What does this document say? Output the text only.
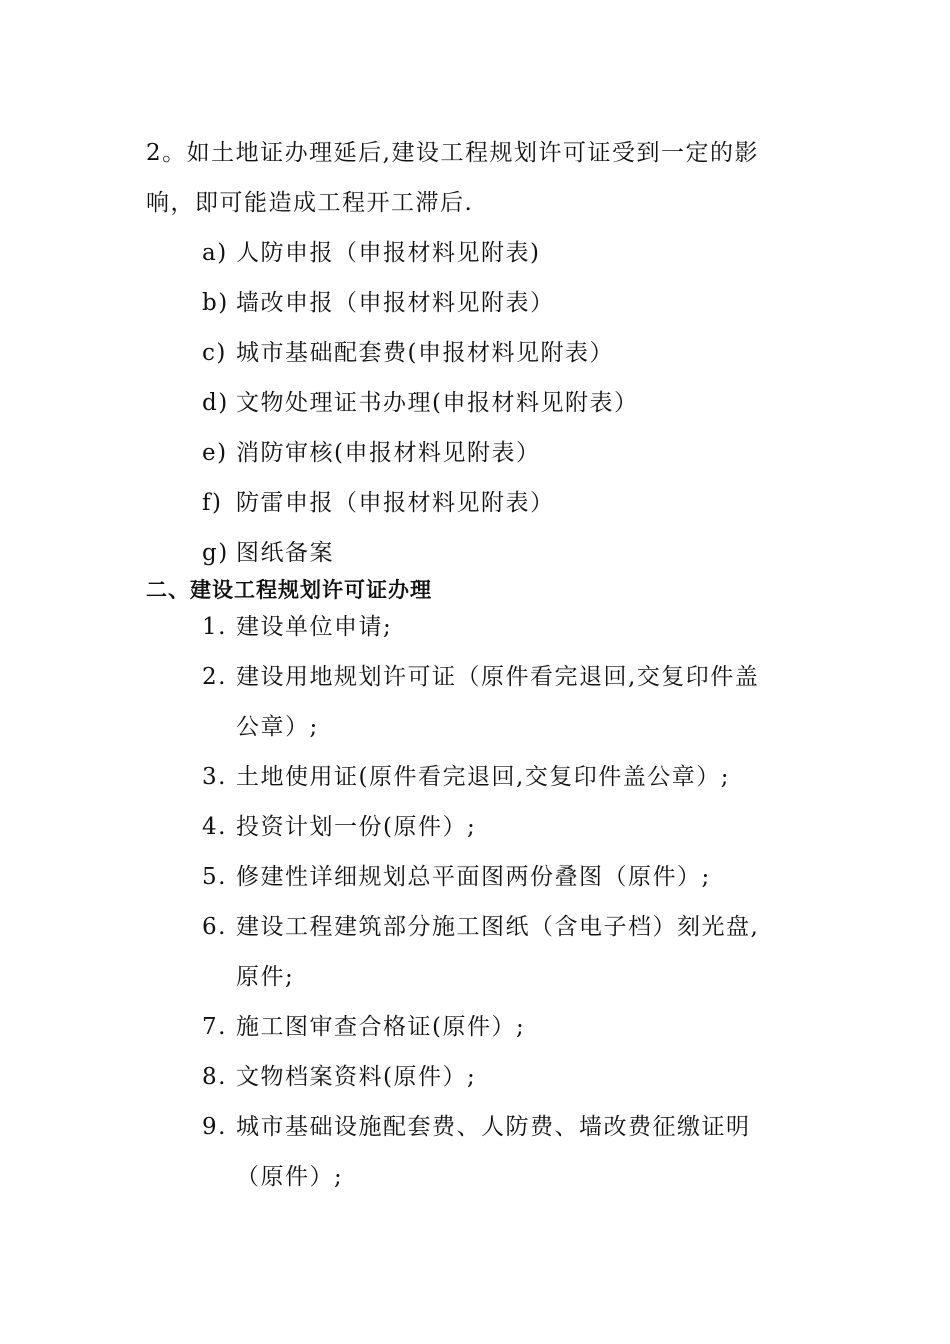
2。如土地证办理延后,建设工程规划许可证受到一定的影
响，即可能造成工程开工滞后.
a) 人防申报（申报材料见附表)
b) 墙改申报（申报材料见附表）
c) 城市基础配套费(申报材料见附表）
d) 文物处理证书办理(申报材料见附表）
e) 消防审核(申报材料见附表）
f) 防雷申报（申报材料见附表）
g) 图纸备案
二、建设工程规划许可证办理
1. 建设单位申请;
2. 建设用地规划许可证（原件看完退回,交复印件盖
公章）;
3. 土地使用证(原件看完退回,交复印件盖公章）;
4. 投资计划一份(原件）;
5. 修建性详细规划总平面图两份叠图（原件）;
6. 建设工程建筑部分施工图纸（含电子档）刻光盘,
原件;
7. 施工图审查合格证(原件）;
8. 文物档案资料(原件）;
9. 城市基础设施配套费、人防费、墙改费征缴证明
（原件）;
